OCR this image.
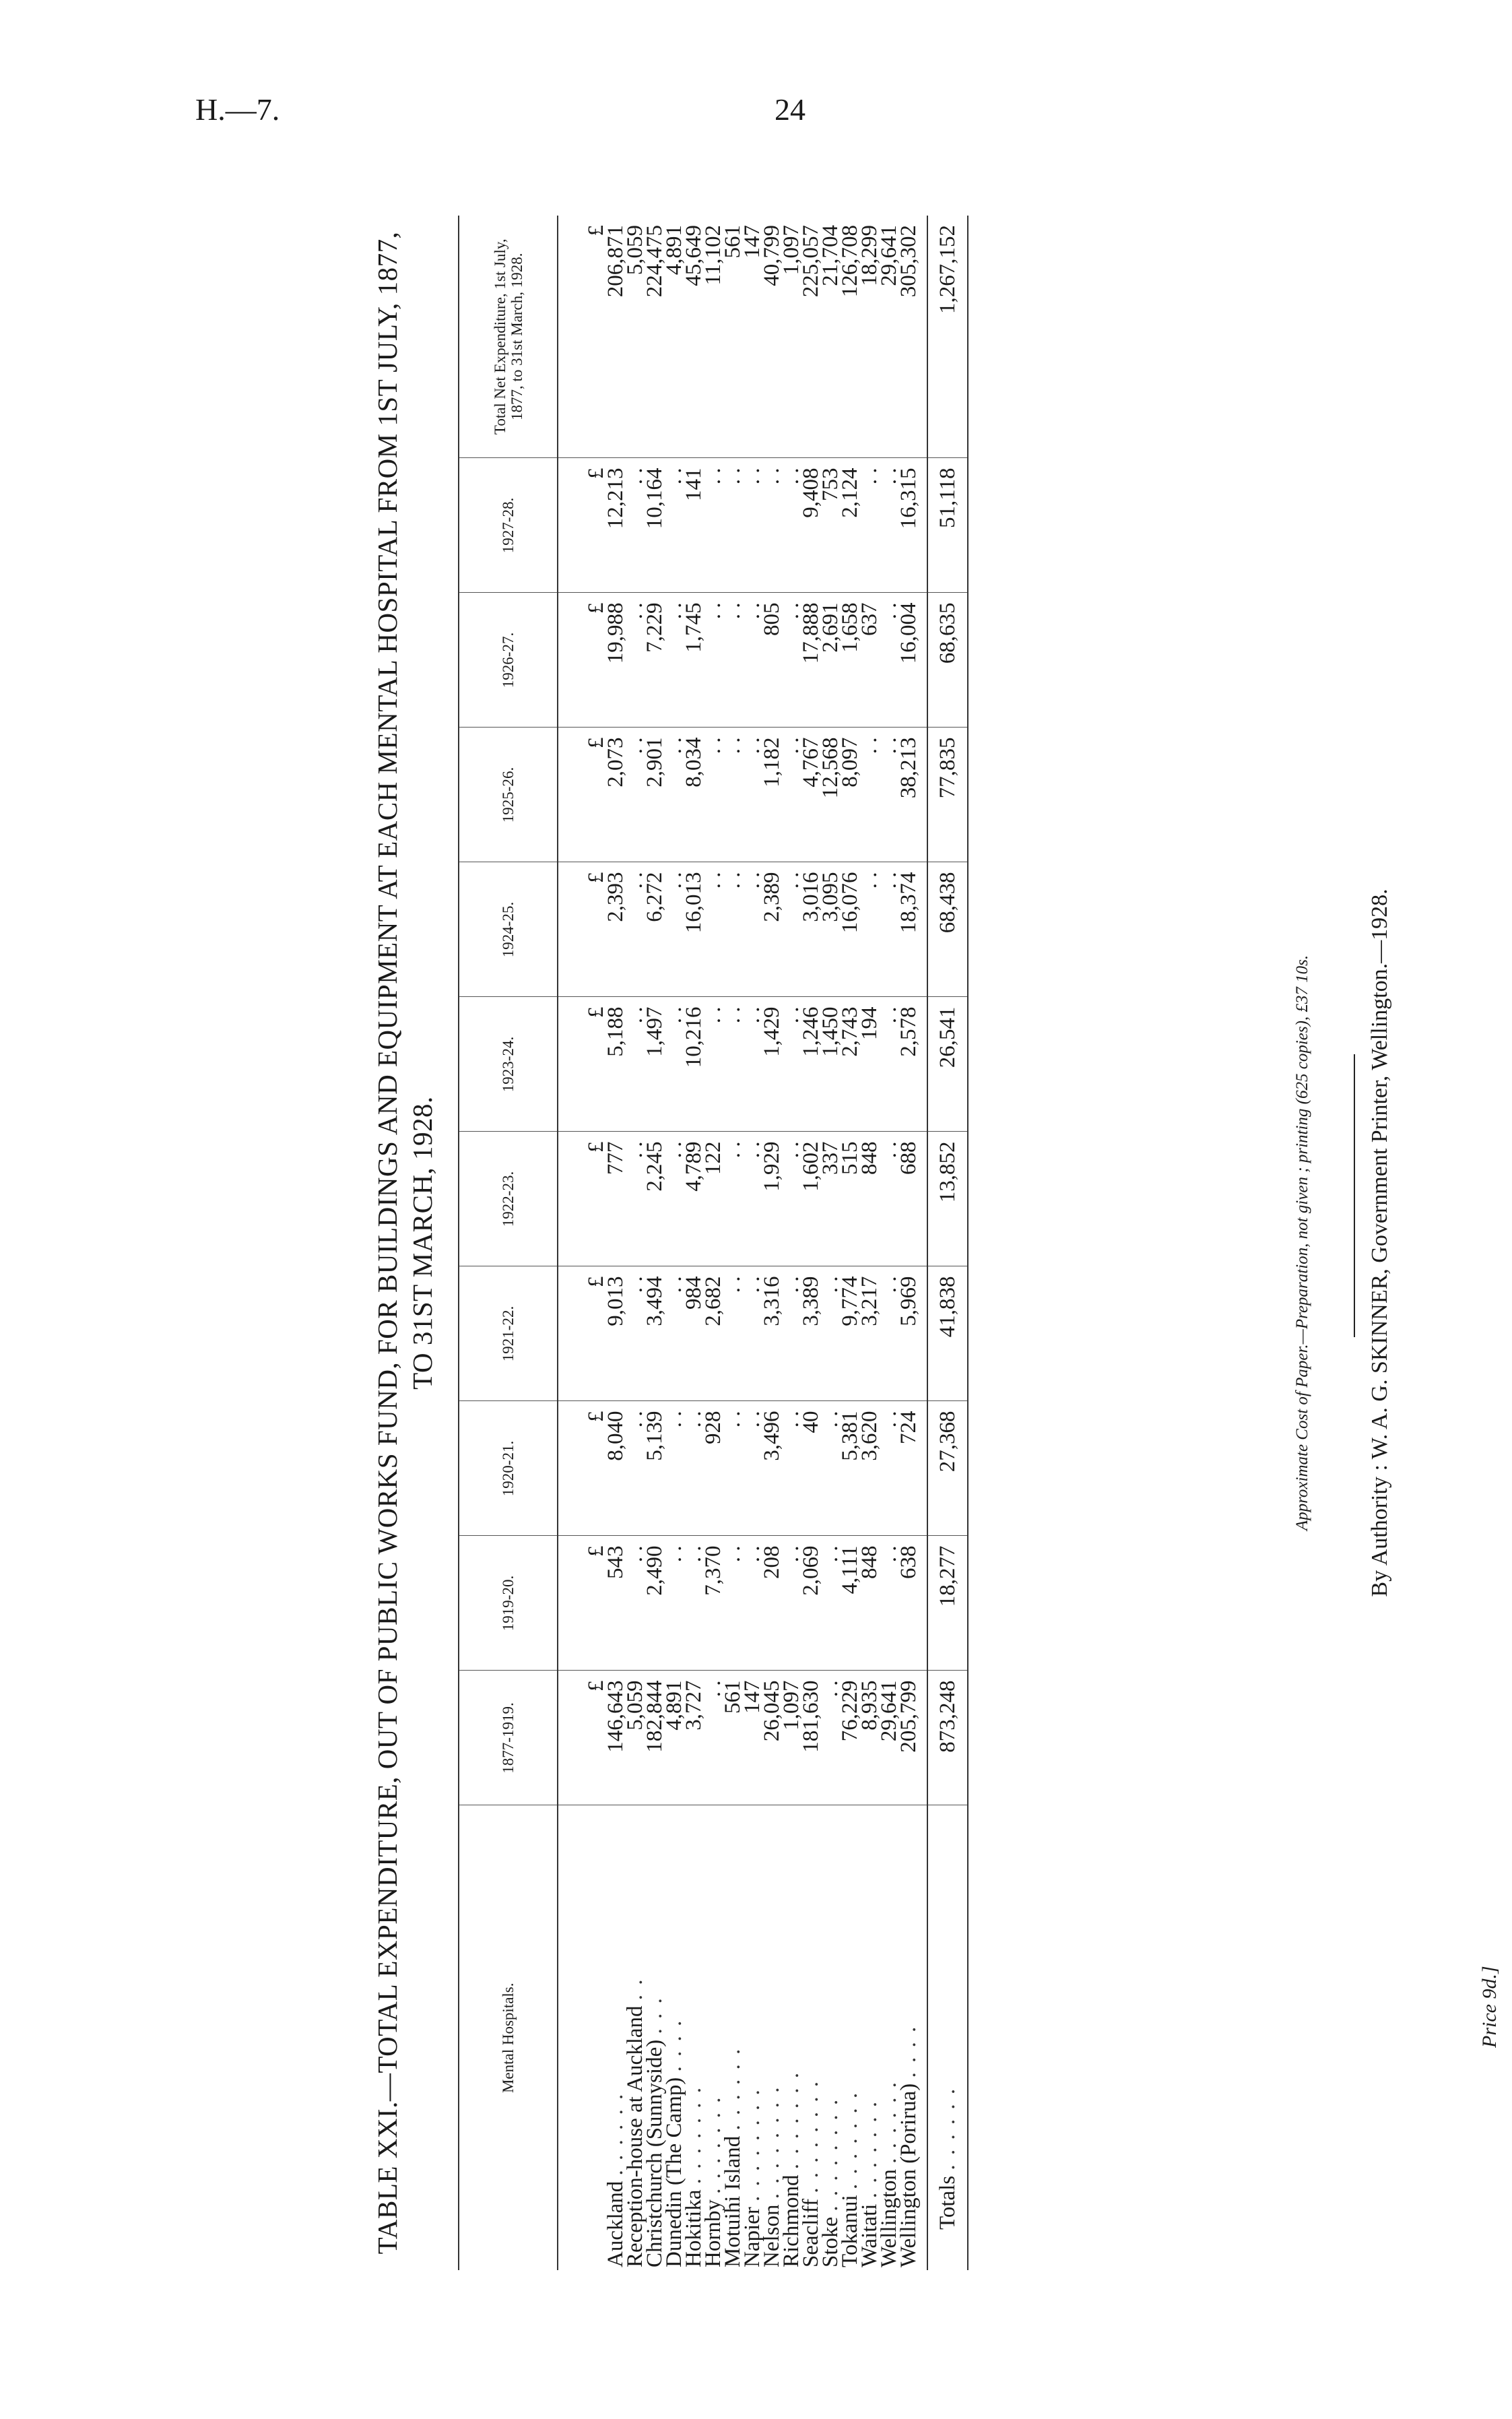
H.—7.	24
TABLE XXI.—TOTAL EXPENDITURE, OUT OF PUBLIC WORKS FUND, FOR BUILDINGS AND EQUIPMENT AT EACH MENTAL HOSPITAL FROM 1ST JULY, 1877, TO 31ST MARCH, 1928.
Mental Hospitals.	1877-1919.	1919-20.	1920-21.	1921-22.	1922-23.	1923-24.	1924-25.	1925-26.	1926-27.	1927-28.	Total Net Expenditure, 1st July, 1877, to 31st March, 1928.
	£	£	£	£	£	£	£	£	£	£	£
Auckland . . . . . .	146,643	543	8,040	9,013	777	5,188	2,393	2,073	19,988	12,213	206,871
Reception-house at Auckland . .	5,059	. .	. .	. .	. .	. .	. .	. .	. .	. .	5,059
Christchurch (Sunnyside) . . .	182,844	2,490	5,139	3,494	2,245	1,497	6,272	2,901	7,229	10,164	224,475
Dunedin (The Camp) . . . .	4,891	. .	. .	. .	. .	. .	. .	. .	. .	. .	4,891
Hokitika . . . . . . .	3,727	. .	. .	984	4,789	10,216	16,013	8,034	1,745	141	45,649
Hornby . . . . . . .	. .	7,370	928	2,682	122	. .	. .	. .	. .	. .	11,102
Motuihi Island . . . . . .	561	. .	. .	. .	. .	. .	. .	. .	. .	. .	561
Napier . . . . . . . .	147	. .	. .	. .	. .	. .	. .	. .	. .	. .	147
Nelson . . . . . . . .	26,045	208	3,496	3,316	1,929	1,429	2,389	1,182	805	. .	40,799
Richmond . . . . . . .	1,097	. .	. .	. .	. .	. .	. .	. .	. .	. .	1,097
Seacliff . . . . . . . .	181,630	2,069	40	3,389	1,602	1,246	3,016	4,767	17,888	9,408	225,057
Stoke . . . . . . . .	. .	. .	. .	. .	337	1,450	3,095	12,568	2,691	753	21,704
Tokanui . . . . . . .	76,229	4,111	5,381	9,774	515	2,743	16,076	8,097	1,658	2,124	126,708
Waitati . . . . . . .	8,935	848	3,620	3,217	848	194	. .	. .	637	. .	18,299
Wellington . . . . . .	29,641	. .	. .	. .	. .	. .	. .	. .	. .	. .	29,641
Wellington (Porirua) . . . .	205,799	638	724	5,969	688	2,578	18,374	38,213	16,004	16,315	305,302
Totals . . . . . .	873,248	18,277	27,368	41,838	13,852	26,541	68,438	77,835	68,635	51,118	1,267,152
Approximate Cost of Paper.—Preparation, not given ; printing (625 copies), £37 10s. By Authority : W. A. G. SKINNER, Government Printer, Wellington.—1928.
Price 9d.]
